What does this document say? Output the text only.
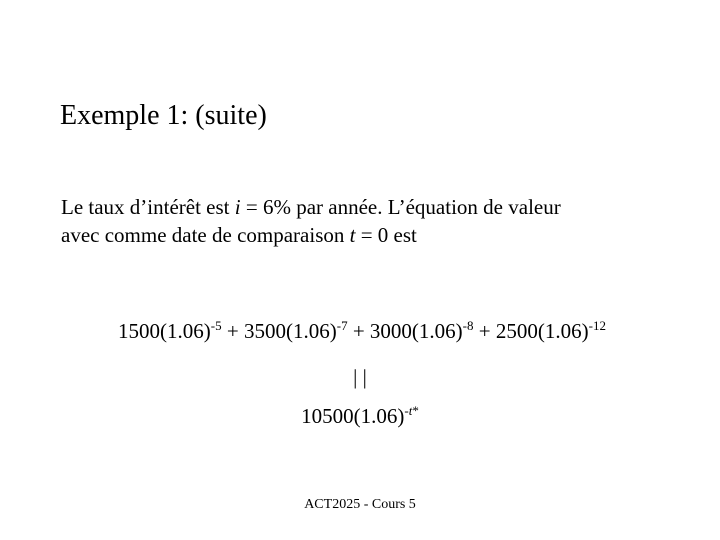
Exemple 1: (suite)
Le taux d’intérêt est i = 6% par année. L’équation de valeur
avec comme date de comparaison t = 0 est
$1500(1.06)^{-5} + 3500(1.06)^{-7} + 3000(1.06)^{-8} + 2500(1.06)^{-12}$
| |
$10500(1.06)^{-t*}$
ACT2025 - Cours 5
